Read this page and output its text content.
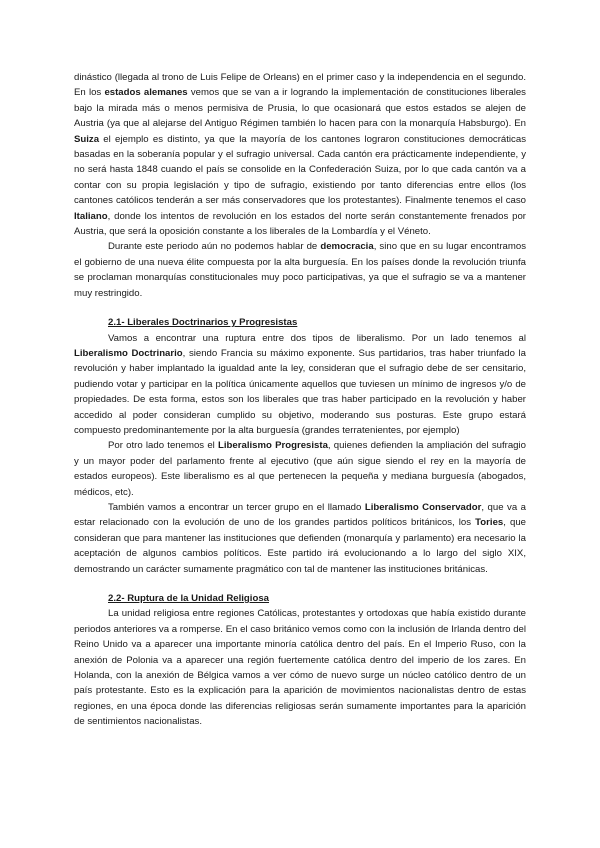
dinástico (llegada al trono de Luis Felipe de Orleans) en el primer caso y la independencia en el segundo. En los estados alemanes vemos que se van a ir logrando la implementación de constituciones liberales bajo la mirada más o menos permisiva de Prusia, lo que ocasionará que estos estados se alejen de Austria (ya que al alejarse del Antiguo Régimen también lo hacen para con la monarquía Habsburgo). En Suiza el ejemplo es distinto, ya que la mayoría de los cantones lograron constituciones democráticas basadas en la soberanía popular y el sufragio universal. Cada cantón era prácticamente independiente, y no será hasta 1848 cuando el país se consolide en la Confederación Suiza, por lo que cada cantón va a contar con su propia legislación y tipo de sufragio, existiendo por tanto diferencias entre ellos (los cantones católicos tenderán a ser más conservadores que los protestantes). Finalmente tenemos el caso Italiano, donde los intentos de revolución en los estados del norte serán constantemente frenados por Austria, que será la oposición constante a los liberales de la Lombardía y el Véneto.

Durante este periodo aún no podemos hablar de democracia, sino que en su lugar encontramos el gobierno de una nueva élite compuesta por la alta burguesía. En los países donde la revolución triunfa se proclaman monarquías constitucionales muy poco participativas, ya que el sufragio se va a mantener muy restringido.

2.1- Liberales Doctrinarios y Progresistas

Vamos a encontrar una ruptura entre dos tipos de liberalismo. Por un lado tenemos al Liberalismo Doctrinario, siendo Francia su máximo exponente. Sus partidarios, tras haber triunfado la revolución y haber implantado la igualdad ante la ley, consideran que el sufragio debe de ser censitario, pudiendo votar y participar en la política únicamente aquellos que tuviesen un mínimo de ingresos y/o de propiedades. De esta forma, estos son los liberales que tras haber participado en la revolución y haber accedido al poder consideran cumplido su objetivo, moderando sus posturas. Este grupo estará compuesto predominantemente por la alta burguesía (grandes terratenientes, por ejemplo)

Por otro lado tenemos el Liberalismo Progresista, quienes defienden la ampliación del sufragio y un mayor poder del parlamento frente al ejecutivo (que aún sigue siendo el rey en la mayoría de estados europeos). Este liberalismo es al que pertenecen la pequeña y mediana burguesía (abogados, médicos, etc).

También vamos a encontrar un tercer grupo en el llamado Liberalismo Conservador, que va a estar relacionado con la evolución de uno de los grandes partidos políticos británicos, los Tories, que consideran que para mantener las instituciones que defienden (monarquía y parlamento) era necesario la aceptación de algunos cambios políticos. Este partido irá evolucionando a lo largo del siglo XIX, demostrando un carácter sumamente pragmático con tal de mantener las instituciones británicas.

2.2- Ruptura de la Unidad Religiosa

La unidad religiosa entre regiones Católicas, protestantes y ortodoxas que había existido durante periodos anteriores va a romperse. En el caso británico vemos como con la inclusión de Irlanda dentro del Reino Unido va a aparecer una importante minoría católica dentro del país. En el Imperio Ruso, con la anexión de Polonia va a aparecer una región fuertemente católica dentro del imperio de los zares. En Holanda, con la anexión de Bélgica vamos a ver cómo de nuevo surge un núcleo católico dentro de un país protestante. Esto es la explicación para la aparición de movimientos nacionalistas dentro de estas regiones, en una época donde las diferencias religiosas serán sumamente importantes para la aparición de sentimientos nacionalistas.
